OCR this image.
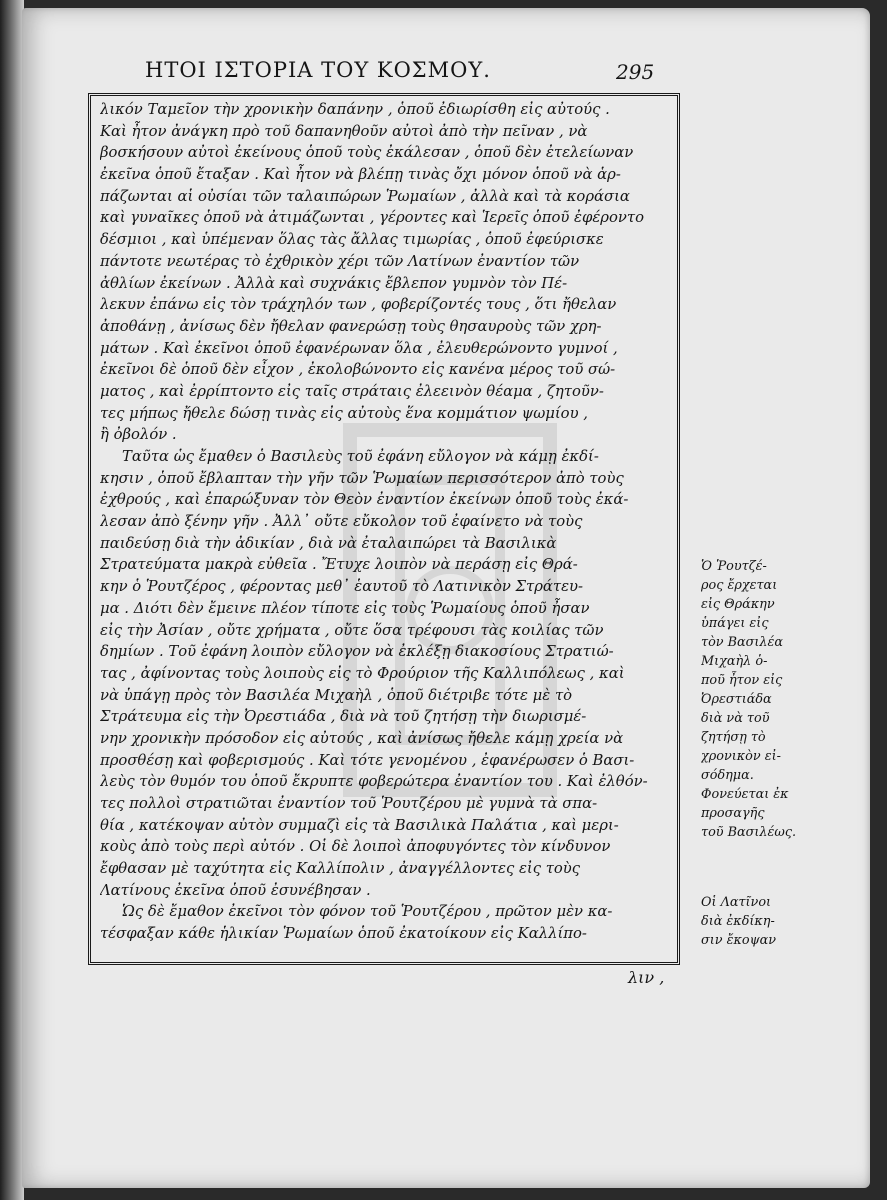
ΗΤΟΙ ΙΣΤΟΡΙΑ ΤΟΥ ΚΟΣΜΟΥ.	295
λικόν Ταμεῖον τὴν χρονικὴν δαπάνην , ὁποῦ ἐδιωρίσθη εἰς αὐτούς .
Καὶ ἦτον ἀνάγκη πρὸ τοῦ δαπανηθοῦν αὐτοὶ ἀπὸ τὴν πεῖναν , νὰ
βοσκήσουν αὐτοὶ ἐκείνους ὁποῦ τοὺς ἐκάλεσαν , ὁποῦ δὲν ἐτελείωναν
ἐκεῖνα ὁποῦ ἔταξαν . Καὶ ἦτον νὰ βλέπῃ τινὰς ὄχι μόνον ὁποῦ νὰ ἁρ-
πάζωνται αἱ οὐσίαι τῶν ταλαιπώρων Ῥωμαίων , ἀλλὰ καὶ τὰ κοράσια
καὶ γυναῖκες ὁποῦ νὰ ἀτιμάζωνται , γέροντες καὶ Ἱερεῖς ὁποῦ ἐφέροντο
δέσμιοι , καὶ ὑπέμεναν ὅλας τὰς ἄλλας τιμωρίας , ὁποῦ ἐφεύρισκε
πάντοτε νεωτέρας τὸ ἐχθρικὸν χέρι τῶν Λατίνων ἐναντίον τῶν
ἀθλίων ἐκείνων . Ἀλλὰ καὶ συχνάκις ἔβλεπον γυμνὸν τὸν Πέ-
λεκυν ἐπάνω εἰς τὸν τράχηλόν των , φοβερίζοντές τους , ὅτι ἤθελαν
ἀποθάνῃ , ἀνίσως δὲν ἤθελαν φανερώσῃ τοὺς θησαυροὺς τῶν χρη-
μάτων . Καὶ ἐκεῖνοι ὁποῦ ἐφανέρωναν ὅλα , ἐλευθερώνοντο γυμνοί ,
ἐκεῖνοι δὲ ὁποῦ δὲν εἶχον , ἐκολοβώνοντο εἰς κανένα μέρος τοῦ σώ-
ματος , καὶ ἐρρίπτοντο εἰς ταῖς στράταις ἐλεεινὸν θέαμα , ζητοῦν-
τες μήπως ἤθελε δώσῃ τινὰς εἰς αὐτοὺς ἕνα κομμάτιον ψωμίου ,
ἢ ὀβολόν .
Ταῦτα ὡς ἔμαθεν ὁ Βασιλεὺς τοῦ ἐφάνη εὔλογον νὰ κάμῃ ἐκδί-
κησιν , ὁποῦ ἔβλαπταν τὴν γῆν τῶν Ῥωμαίων περισσότερον ἀπὸ τοὺς
ἐχθρούς , καὶ ἐπαρώξυναν τὸν Θεὸν ἐναντίον ἐκείνων ὁποῦ τοὺς ἐκά-
λεσαν ἀπὸ ξένην γῆν . Ἀλλ᾽ οὔτε εὔκολον τοῦ ἐφαίνετο νὰ τοὺς
παιδεύσῃ διὰ τὴν ἀδικίαν , διὰ νὰ ἐταλαιπώρει τὰ Βασιλικὰ
Στρατεύματα μακρὰ εὐθεῖα . Ἔτυχε λοιπὸν νὰ περάσῃ εἰς Θρά-
κην ὁ Ῥουτζέρος , φέροντας μεθ᾽ ἑαυτοῦ τὸ Λατινικὸν Στράτευ-
μα . Διότι δὲν ἔμεινε πλέον τίποτε εἰς τοὺς Ῥωμαίους ὁποῦ ἦσαν
εἰς τὴν Ἀσίαν , οὔτε χρήματα , οὔτε ὅσα τρέφουσι τὰς κοιλίας τῶν
δημίων . Τοῦ ἐφάνη λοιπὸν εὔλογον νὰ ἐκλέξῃ διακοσίους Στρατιώ-
τας , ἀφίνοντας τοὺς λοιποὺς εἰς τὸ Φρούριον τῆς Καλλιπόλεως , καὶ
νὰ ὑπάγῃ πρὸς τὸν Βασιλέα Μιχαὴλ , ὁποῦ διέτριβε τότε μὲ τὸ
Στράτευμα εἰς τὴν Ὀρεστιάδα , διὰ νὰ τοῦ ζητήσῃ τὴν διωρισμέ-
νην χρονικὴν πρόσοδον εἰς αὐτούς , καὶ ἀνίσως ἤθελε κάμῃ χρεία νὰ
προσθέσῃ καὶ φοβερισμούς . Καὶ τότε γενομένου , ἐφανέρωσεν ὁ Βασι-
λεὺς τὸν θυμόν του ὁποῦ ἔκρυπτε φοβερώτερα ἐναντίον του . Καὶ ἐλθόν-
τες πολλοὶ στρατιῶται ἐναντίον τοῦ Ῥουτζέρου μὲ γυμνὰ τὰ σπα-
θία , κατέκοψαν αὐτὸν συμμαζὶ εἰς τὰ Βασιλικὰ Παλάτια , καὶ μερι-
κοὺς ἀπὸ τοὺς περὶ αὐτόν . Οἱ δὲ λοιποὶ ἀποφυγόντες τὸν κίνδυνον
ἔφθασαν μὲ ταχύτητα εἰς Καλλίπολιν , ἀναγγέλλοντες εἰς τοὺς
Λατίνους ἐκεῖνα ὁποῦ ἐσυνέβησαν .
Ὡς δὲ ἔμαθον ἐκεῖνοι τὸν φόνον τοῦ Ῥουτζέρου , πρῶτον μὲν κα-
τέσφαξαν κάθε ἡλικίαν Ῥωμαίων ὁποῦ ἐκατοίκουν εἰς Καλλίπο-
λιν ,
Ὁ Ῥουτζέ-
ρος ἔρχεται
εἰς Θράκην
ὑπάγει εἰς
τὸν Βασιλέα
Μιχαὴλ ὁ-
ποῦ ἦτον εἰς
Ὀρεστιάδα
διὰ νὰ τοῦ
ζητήσῃ τὸ
χρονικὸν εἰ-
σόδημα.
Φονεύεται ἐκ
προσαγῆς
τοῦ Βασιλέως.
Οἱ Λατῖνοι
διὰ ἐκδίκη-
σιν ἔκοψαν
